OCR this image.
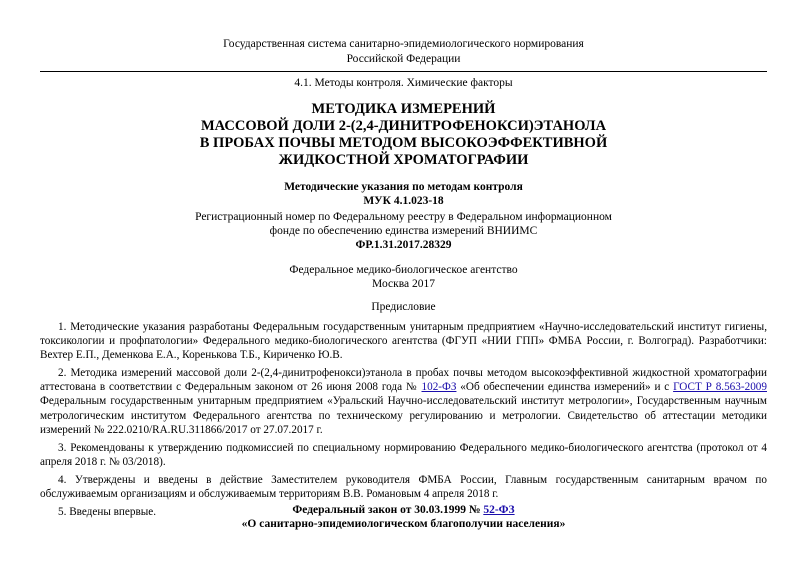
Государственная система санитарно-эпидемиологического нормирования
Российской Федерации
4.1. Методы контроля. Химические факторы
МЕТОДИКА ИЗМЕРЕНИЙ
МАССОВОЙ ДОЛИ 2-(2,4-ДИНИТРОФЕНОКСИ)ЭТАНОЛА
В ПРОБАХ ПОЧВЫ МЕТОДОМ ВЫСОКОЭФФЕКТИВНОЙ
ЖИДКОСТНОЙ ХРОМАТОГРАФИИ
Методические указания по методам контроля
МУК 4.1.023-18
Регистрационный номер по Федеральному реестру в Федеральном информационном
фонде по обеспечению единства измерений ВНИИМС
ФР.1.31.2017.28329
Федеральное медико-биологическое агентство
Москва 2017
Предисловие

1. Методические указания разработаны Федеральным государственным унитарным предприятием «Научно-исследовательский институт гигиены, токсикологии и профпатологии» Федерального медико-биологического агентства (ФГУП «НИИ ГПП» ФМБА России, г. Волгоград). Разработчики: Вехтер Е.П., Деменкова Е.А., Кореньковa Т.Б., Кириченко Ю.В.

2. Методика измерений массовой доли 2-(2,4-динитрофенокси)этанола в пробах почвы методом высокоэффективной жидкостной хроматографии аттестована в соответствии с Федеральным законом от 26 июня 2008 года № 102-ФЗ «Об обеспечении единства измерений» и с ГОСТ Р 8.563-2009 Федеральным государственным унитарным предприятием «Уральский Научно-исследовательский институт метрологии», Государственным научным метрологическим институтом Федерального агентства по техническому регулированию и метрологии. Свидетельство об аттестации методики измерений № 222.0210/RA.RU.311866/2017 от 27.07.2017 г.

3. Рекомендованы к утверждению подкомиссией по специальному нормированию Федерального медико-биологического агентства (протокол от 4 апреля 2018 г. № 03/2018).

4. Утверждены и введены в действие Заместителем руководителя ФМБА России, Главным государственным санитарным врачом по обслуживаемым организациям и обслуживаемым территориям В.В. Романовым 4 апреля 2018 г.

5. Введены впервые.	Федеральный закон от 30.03.1999 № 52-ФЗ
«О санитарно-эпидемиологическом благополучии населения»
